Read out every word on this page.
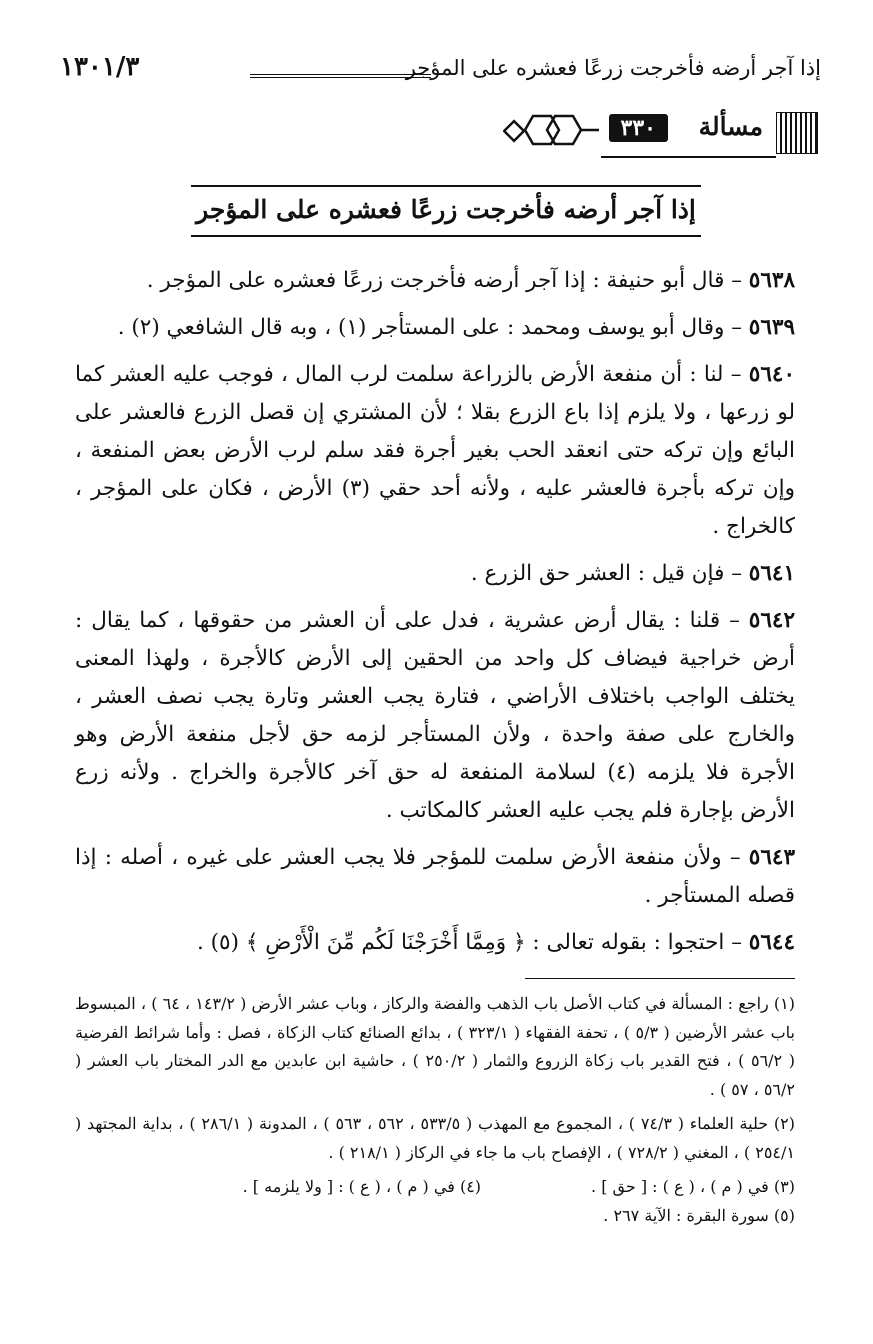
إذا آجر أرضه فأخرجت زرعًا فعشره على المؤجر
١٣٠١/٣
مسألة
٣٣٠
إذا آجر أرضه فأخرجت زرعًا فعشره على المؤجر

٥٦٣٨ – قال أبو حنيفة : إذا آجر أرضه فأخرجت زرعًا فعشره على المؤجر .

٥٦٣٩ – وقال أبو يوسف ومحمد : على المستأجر (١) ، وبه قال الشافعي (٢) .

٥٦٤٠ – لنا : أن منفعة الأرض بالزراعة سلمت لرب المال ، فوجب عليه العشر كما لو زرعها ، ولا يلزم إذا باع الزرع بقلا ؛ لأن المشتري إن قصل الزرع فالعشر على البائع وإن تركه حتى انعقد الحب بغير أجرة فقد سلم لرب الأرض بعض المنفعة ، وإن تركه بأجرة فالعشر عليه ، ولأنه أحد حقي (٣) الأرض ، فكان على المؤجر ، كالخراج .

٥٦٤١ – فإن قيل : العشر حق الزرع .

٥٦٤٢ – قلنا : يقال أرض عشرية ، فدل على أن العشر من حقوقها ، كما يقال : أرض خراجية فيضاف كل واحد من الحقين إلى الأرض كالأجرة ، ولهذا المعنى يختلف الواجب باختلاف الأراضي ، فتارة يجب العشر وتارة يجب نصف العشر ، والخارج على صفة واحدة ، ولأن المستأجر لزمه حق لأجل منفعة الأرض وهو الأجرة فلا يلزمه (٤) لسلامة المنفعة له حق آخر كالأجرة والخراج . ولأنه زرع الأرض بإجارة فلم يجب عليه العشر كالمكاتب .

٥٦٤٣ – ولأن منفعة الأرض سلمت للمؤجر فلا يجب العشر على غيره ، أصله : إذا قصله المستأجر .

٥٦٤٤ – احتجوا : بقوله تعالى : ﴿ وَمِمَّا أَخْرَجْنَا لَكُم مِّنَ الْأَرْضِ ﴾ (٥) .

(١) راجع : المسألة في كتاب الأصل باب الذهب والفضة والركاز ، وباب عشر الأرض ( ١٤٣/٢ ، ٦٤ ) ، المبسوط باب عشر الأرضين ( ٥/٣ ) ، تحفة الفقهاء ( ٣٢٣/١ ) ، بدائع الصنائع كتاب الزكاة ، فصل : وأما شرائط الفرضية ( ٥٦/٢ ) ، فتح القدير باب زكاة الزروع والثمار ( ٢٥٠/٢ ) ، حاشية ابن عابدين مع الدر المختار باب العشر ( ٥٦/٢ ، ٥٧ ) .

(٢) حلية العلماء ( ٧٤/٣ ) ، المجموع مع المهذب ( ٥٣٣/٥ ، ٥٦٢ ، ٥٦٣ ) ، المدونة ( ٢٨٦/١ ) ، بداية المجتهد ( ٢٥٤/١ ) ، المغني ( ٧٢٨/٢ ) ، الإفصاح باب ما جاء في الركاز ( ٢١٨/١ ) .

(٣) في ( م ) ، ( ع ) : [ حق ] .
(٤) في ( م ) ، ( ع ) : [ ولا يلزمه ] .

(٥) سورة البقرة : الآية ٢٦٧ .
